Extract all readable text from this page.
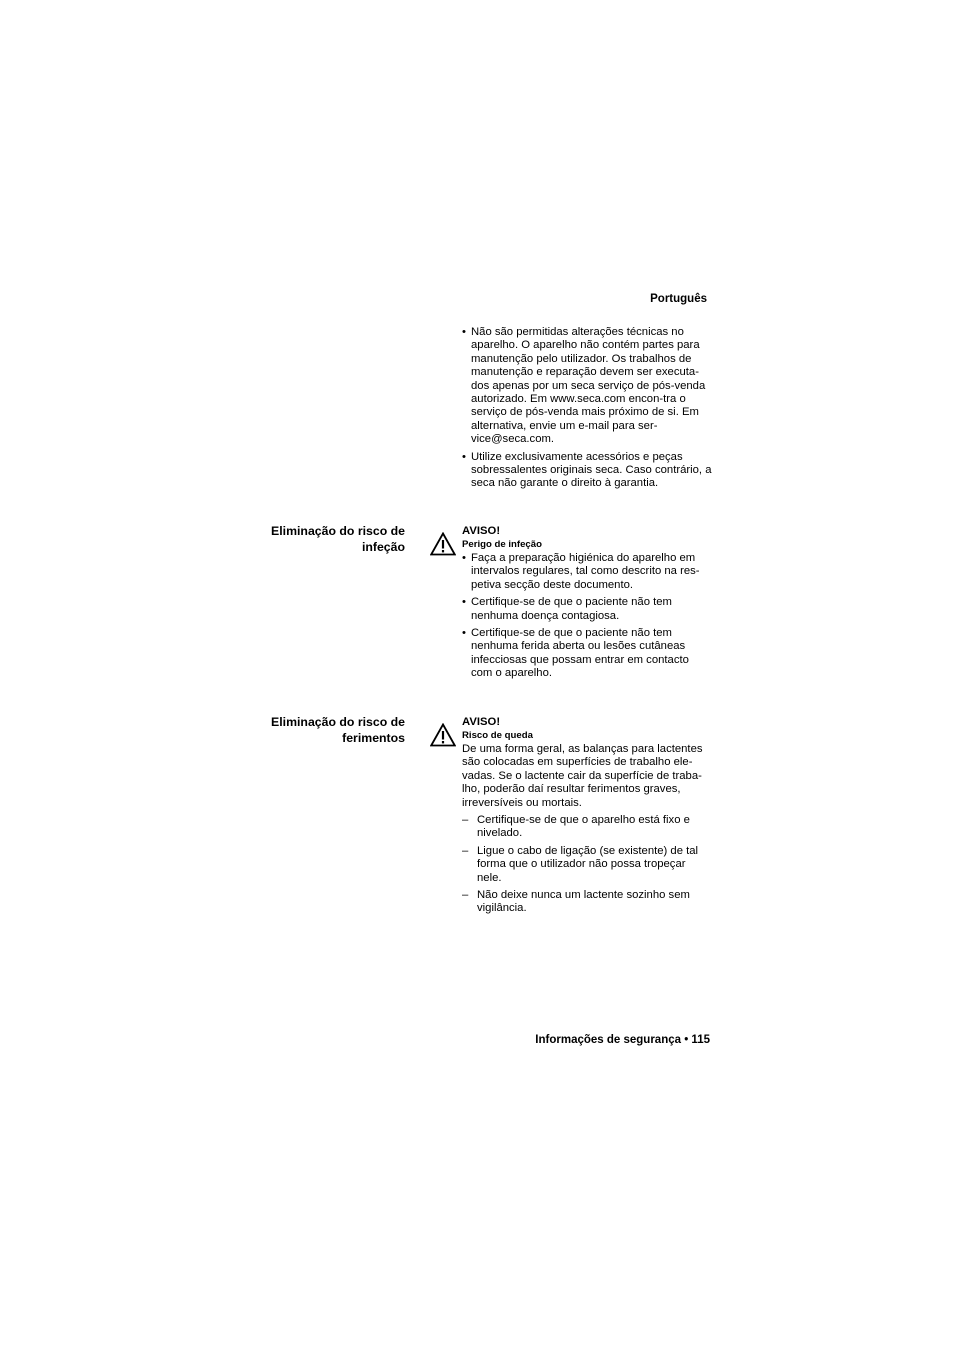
Português
• Não são permitidas alterações técnicas no aparelho. O aparelho não contém partes para manutenção pelo utilizador. Os trabalhos de manutenção e reparação devem ser executa-dos apenas por um seca serviço de pós-venda autorizado. Em www.seca.com encon-tra o serviço de pós-venda mais próximo de si. Em alternativa, envie um e-mail para ser-vice@seca.com.
• Utilize exclusivamente acessórios e peças sobressalentes originais seca. Caso contrário, a seca não garante o direito à garantia.
Eliminação do risco de
infeção
AVISO!
Perigo de infeção
• Faça a preparação higiénica do aparelho em intervalos regulares, tal como descrito na res-petiva secção deste documento.
• Certifique-se de que o paciente não tem nenhuma doença contagiosa.
• Certifique-se de que o paciente não tem nenhuma ferida aberta ou lesões cutâneas infecciosas que possam entrar em contacto com o aparelho.
Eliminação do risco de
ferimentos
AVISO!
Risco de queda
De uma forma geral, as balanças para lactentes são colocadas em superfícies de trabalho ele-vadas. Se o lactente cair da superfície de traba-lho, poderão daí resultar ferimentos graves, irreversíveis ou mortais.
– Certifique-se de que o aparelho está fixo e nivelado.
– Ligue o cabo de ligação (se existente) de tal forma que o utilizador não possa tropeçar nele.
– Não deixe nunca um lactente sozinho sem vigilância.
Informações de segurança • 115
